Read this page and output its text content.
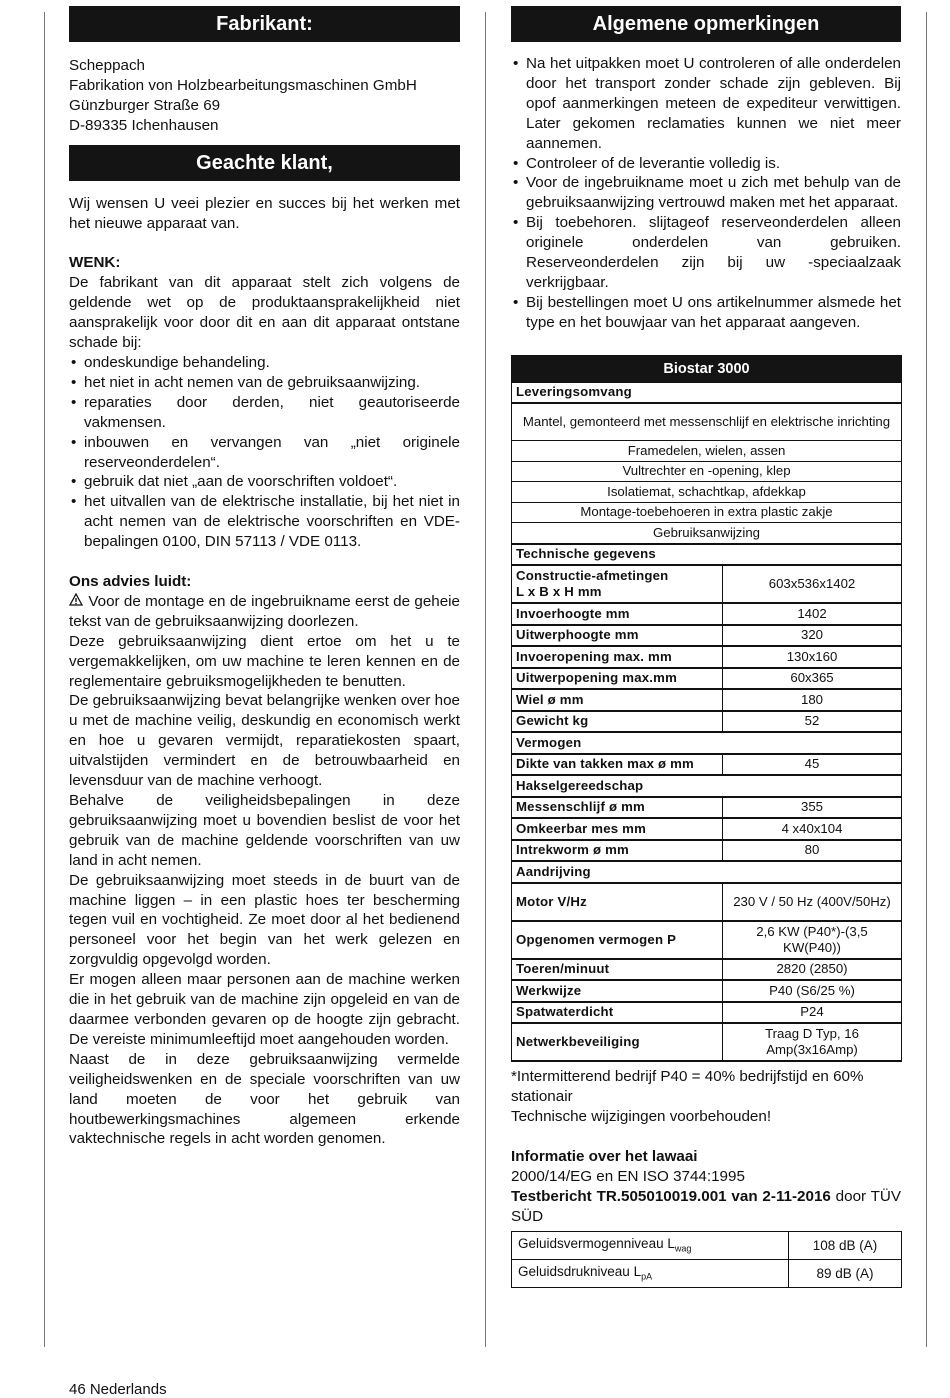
Fabrikant:

Scheppach

Fabrikation von Holzbearbeitungsmaschinen GmbH

Günzburger Straße 69

D-89335 Ichenhausen

Geachte klant,

Wij wensen U veei plezier en succes bij het werken met het nieuwe apparaat van.

WENK:

De fabrikant van dit apparaat stelt zich volgens de geldende wet op de produktaansprakelijkheid niet aansprakelijk voor door dit en aan dit apparaat ontstane schade bij:

• ondeskundige behandeling.
• het niet in acht nemen van de gebruiksaanwijzing.
• reparaties door derden, niet geautoriseerde vakmensen.
• inbouwen en vervangen van „niet originele reserveonderdelen“.
• gebruik dat niet „aan de voorschriften voldoet“.
• het uitvallen van de elektrische installatie, bij het niet in acht nemen van de elektrische voorschriften en VDE-bepalingen 0100, DIN 57113 / VDE 0113.

Ons advies luidt:

Voor de montage en de ingebruikname eerst de geheie tekst van de gebruiksaanwijzing doorlezen.

Deze gebruiksaanwijzing dient ertoe om het u te vergemakkelijken, om uw machine te leren kennen en de reglementaire gebruiksmogelijkheden te benutten.

De gebruiksaanwijzing bevat belangrijke wenken over hoe u met de machine veilig, deskundig en economisch werkt en hoe u gevaren vermijdt, reparatiekosten spaart, uitvalstijden vermindert en de betrouwbaarheid en levensduur van de machine verhoogt.

Behalve de veiligheidsbepalingen in deze gebruiksaanwijzing moet u bovendien beslist de voor het gebruik van de machine geldende voorschriften van uw land in acht nemen.

De gebruiksaanwijzing moet steeds in de buurt van de machine liggen – in een plastic hoes ter bescherming tegen vuil en vochtigheid. Ze moet door al het bedienend personeel voor het begin van het werk gelezen en zorgvuldig opgevolgd worden.

Er mogen alleen maar personen aan de machine werken die in het gebruik van de machine zijn opgeleid en van de daarmee verbonden gevaren op de hoogte zijn gebracht. De vereiste minimumleeftijd moet aangehouden worden.

Naast de in deze gebruiksaanwijzing vermelde veiligheidswenken en de speciale voorschriften van uw land moeten de voor het gebruik van houtbewerkingsmachines algemeen erkende vaktechnische regels in acht worden genomen.

Algemene opmerkingen
• Na het uitpakken moet U controleren of alle onderdelen door het transport zonder schade zijn gebleven. Bij opof aanmerkingen meteen de expediteur verwittigen. Later gekomen reclamaties kunnen we niet meer aannemen.
• Controleer of de leverantie volledig is.
• Voor de ingebruikname moet u zich met behulp van de gebruiksaanwijzing vertrouwd maken met het apparaat.
• Bij toebehoren. slijtageof reserveonderdelen alleen originele onderdelen van gebruiken. Reserveonderdelen zijn bij uw -speciaalzaak verkrijgbaar.
• Bij bestellingen moet U ons artikelnummer alsmede het type en het bouwjaar van het apparaat aangeven.
Biostar 3000	
Leveringsomvang	
Mantel, gemonteerd met messenschlijf en elektrische inrichting	
Framedelen, wielen, assen	
Vultrechter en -opening, klep	
Isolatiemat, schachtkap, afdekkap	
Montage-toebehoeren in extra plastic zakje	
Gebruiksanwijzing	
Technische gegevens	
Constructie-afmetingen
L x B x H mm	603x536x1402
Invoerhoogte mm	1402
Uitwerphoogte mm	320
Invoeropening max. mm	130x160
Uitwerpopening max.mm	60x365
Wiel ø mm	180
Gewicht kg	52
Vermogen	
Dikte van takken max ø mm	45
Hakselgereedschap	
Messenschlijf ø mm	355
Omkeerbar mes mm	4 x40x104
Intrekworm ø mm	80
Aandrijving	
Motor V/Hz	230 V / 50 Hz (400V/50Hz)
Opgenomen vermogen P	2,6 KW (P40*)-(3,5 KW(P40))
Toeren/minuut	2820 (2850)
Werkwijze	P40 (S6/25 %)
Spatwaterdicht	P24
Netwerkbeveiliging	Traag D Typ, 16 Amp(3x16Amp)

*Intermitterend bedrijf P40 = 40% bedrijfstijd en 60% stationair

Technische wijzigingen voorbehouden!

Informatie over het lawaai

2000/14/EG en EN ISO 3744:1995

Testbericht TR.505010019.001 van 2-11-2016 door TÜV SÜD

Geluidsvermogenniveau $L_{wag}$	108 dB (A)
Geluidsdrukniveau $L_{pA}$	89 dB (A)
46 Nederlands
